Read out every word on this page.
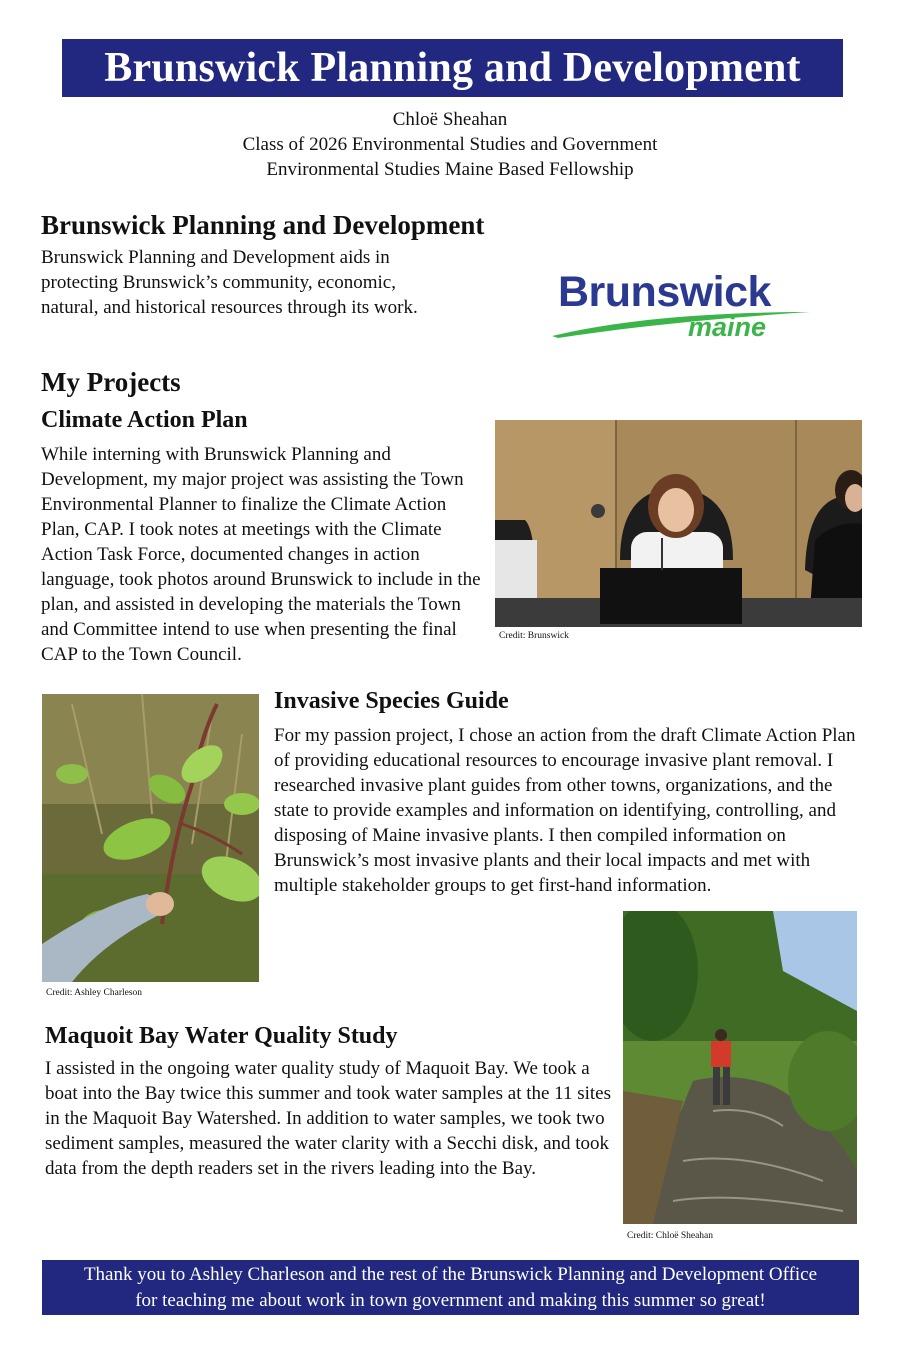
Brunswick Planning and Development
Chloë Sheahan
Class of 2026 Environmental Studies and Government
Environmental Studies Maine Based Fellowship
Brunswick Planning and Development

Brunswick Planning and Development aids in protecting Brunswick’s community, economic, natural, and historical resources through its work.	Brunswick
maine
My Projects
Climate Action Plan

While interning with Brunswick Planning and Development, my major project was assisting the Town Environmental Planner to finalize the Climate Action Plan, CAP. I took notes at meetings with the Climate Action Task Force, documented changes in action language, took photos around Brunswick to include in the plan, and assisted in developing the materials the Town and Committee intend to use when presenting the final CAP to the Town Council.

Credit: Brunswick
Credit: Ashley Charleson
Invasive Species Guide

For my passion project, I chose an action from the draft Climate Action Plan of providing educational resources to encourage invasive plant removal. I researched invasive plant guides from other towns, organizations, and the state to provide examples and information on identifying, controlling, and disposing of Maine invasive plants. I then compiled information on Brunswick’s most invasive plants and their local impacts and met with multiple stakeholder groups to get first-hand information.

Credit: Chloë Sheahan
Maquoit Bay Water Quality Study

I assisted in the ongoing water quality study of Maquoit Bay. We took a boat into the Bay twice this summer and took water samples at the 11 sites in the Maquoit Bay Watershed. In addition to water samples, we took two sediment samples, measured the water clarity with a Secchi disk, and took data from the depth readers set in the rivers leading into the Bay.

Thank you to Ashley Charleson and the rest of the Brunswick Planning and Development Office
for teaching me about work in town government and making this summer so great!
